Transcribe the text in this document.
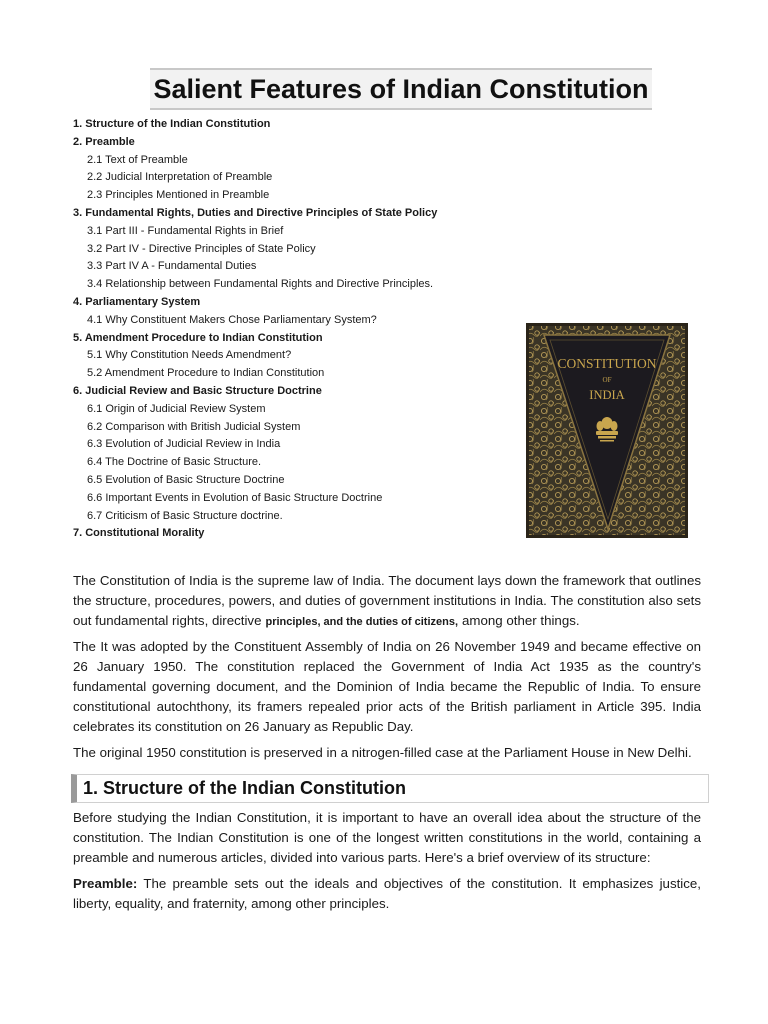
Salient Features of Indian Constitution
1. Structure of the Indian Constitution
2. Preamble
2.1 Text of Preamble
2.2 Judicial Interpretation of Preamble
2.3 Principles Mentioned in Preamble
3. Fundamental Rights, Duties and Directive Principles of State Policy
3.1 Part III - Fundamental Rights in Brief
3.2 Part IV - Directive Principles of State Policy
3.3 Part IV A - Fundamental Duties
3.4 Relationship between Fundamental Rights and Directive Principles.
4. Parliamentary System
4.1 Why Constituent Makers Chose Parliamentary System?
5. Amendment Procedure to Indian Constitution
5.1 Why Constitution Needs Amendment?
5.2 Amendment Procedure to Indian Constitution
6. Judicial Review and Basic Structure Doctrine
6.1 Origin of Judicial Review System
6.2 Comparison with British Judicial System
6.3 Evolution of Judicial Review in India
6.4 The Doctrine of Basic Structure.
6.5 Evolution of Basic Structure Doctrine
6.6 Important Events in Evolution of Basic Structure Doctrine
6.7 Criticism of Basic Structure doctrine.
7. Constitutional Morality
CONSTITUTION
OF
INDIA

The Constitution of India is the supreme law of India. The document lays down the framework that outlines the structure, procedures, powers, and duties of government institutions in India. The constitution also sets out fundamental rights, directive principles, and the duties of citizens, among other things.

The It was adopted by the Constituent Assembly of India on 26 November 1949 and became effective on 26 January 1950. The constitution replaced the Government of India Act 1935 as the country's fundamental governing document, and the Dominion of India became the Republic of India. To ensure constitutional autochthony, its framers repealed prior acts of the British parliament in Article 395. India celebrates its constitution on 26 January as Republic Day.

The original 1950 constitution is preserved in a nitrogen-filled case at the Parliament House in New Delhi.

1. Structure of the Indian Constitution

Before studying the Indian Constitution, it is important to have an overall idea about the structure of the constitution. The Indian Constitution is one of the longest written constitutions in the world, containing a preamble and numerous articles, divided into various parts. Here's a brief overview of its structure:

Preamble: The preamble sets out the ideals and objectives of the constitution. It emphasizes justice, liberty, equality, and fraternity, among other principles.
